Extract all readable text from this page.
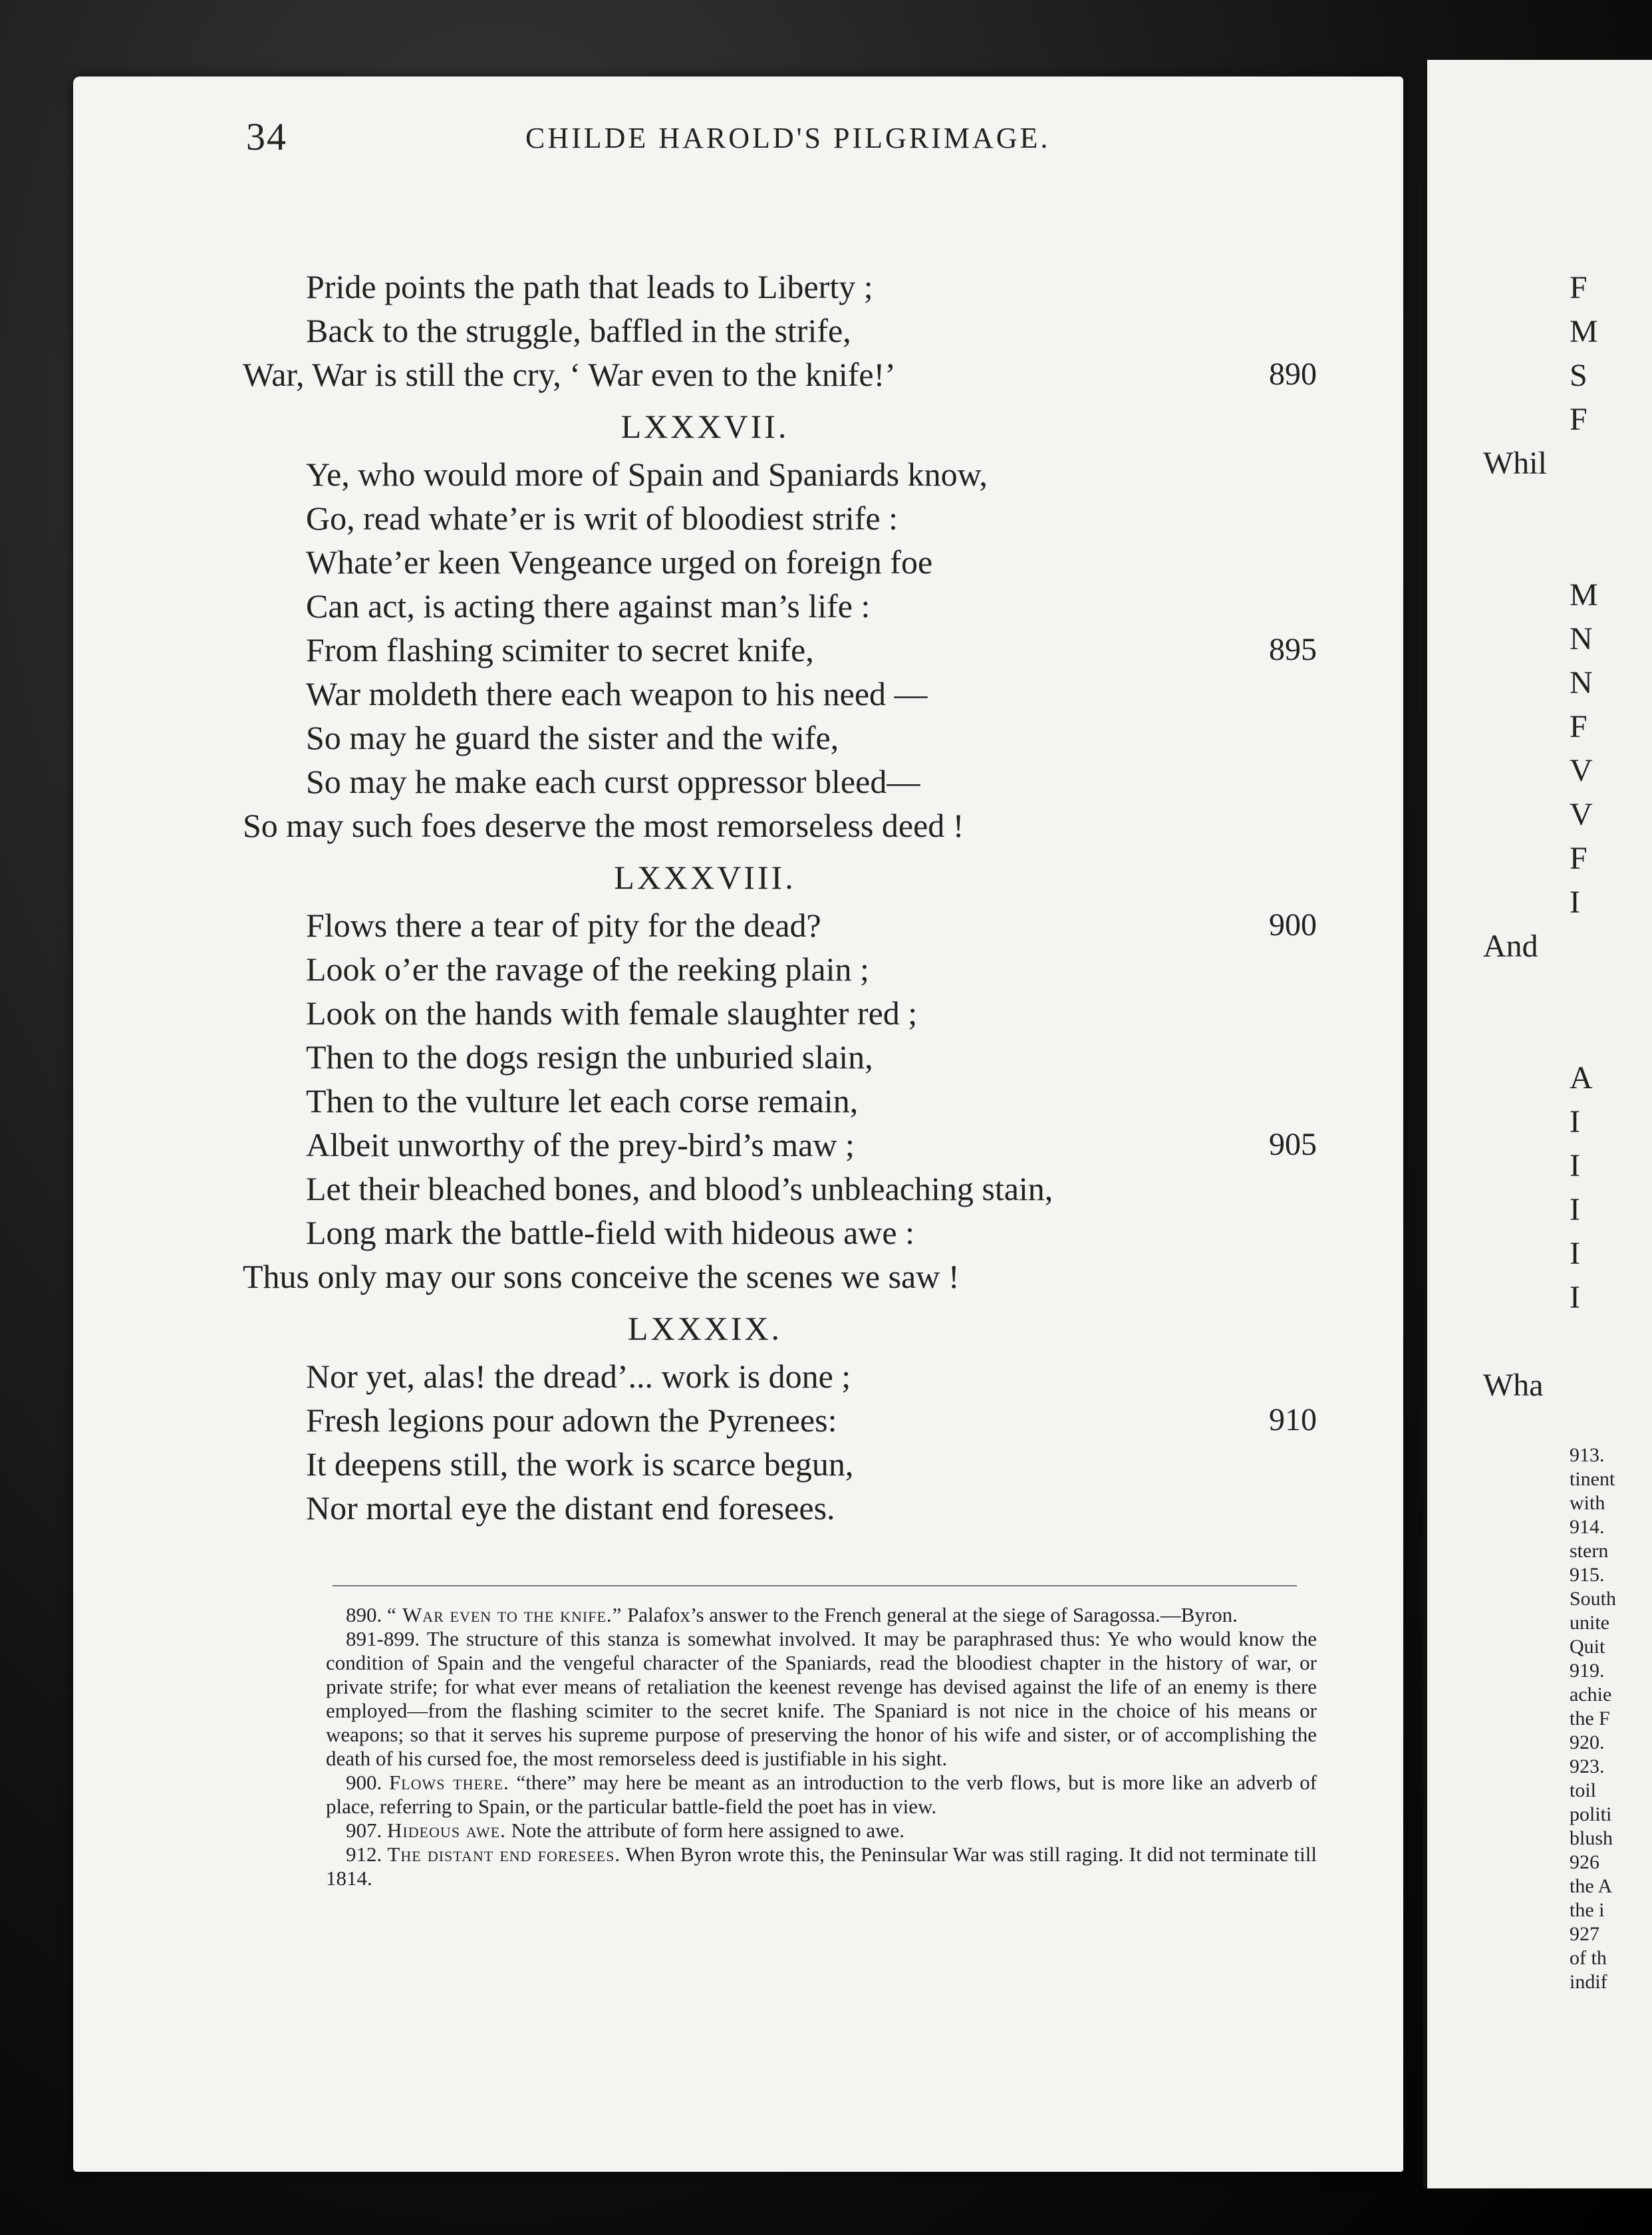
34	CHILDE HAROLD'S PILGRIMAGE.
Pride points the path that leads to Liberty ;
Back to the struggle, baffled in the strife,
War, War is still the cry, ‘ War even to the knife!’	890
LXXXVII.
Ye, who would more of Spain and Spaniards know,
Go, read whate’er is writ of bloodiest strife :
Whate’er keen Vengeance urged on foreign foe
Can act, is acting there against man’s life :
From flashing scimiter to secret knife,	895
War moldeth there each weapon to his need —
So may he guard the sister and the wife,
So may he make each curst oppressor bleed—
So may such foes deserve the most remorseless deed !
LXXXVIII.
Flows there a tear of pity for the dead?	900
Look o’er the ravage of the reeking plain ;
Look on the hands with female slaughter red ;
Then to the dogs resign the unburied slain,
Then to the vulture let each corse remain,
Albeit unworthy of the prey-bird’s maw ;	905
Let their bleached bones, and blood’s unbleaching stain,
Long mark the battle-field with hideous awe :
Thus only may our sons conceive the scenes we saw !
LXXXIX.
Nor yet, alas! the dread’... work is done ;
Fresh legions pour adown the Pyrenees:	910
It deepens still, the work is scarce begun,
Nor mortal eye the distant end foresees.

890. “ War even to the knife.” Palafox’s answer to the French general at the siege of Saragossa.—Byron.

891-899. The structure of this stanza is somewhat involved. It may be paraphrased thus: Ye who would know the condition of Spain and the vengeful character of the Spaniards, read the bloodiest chapter in the history of war, or private strife; for what ever means of retaliation the keenest revenge has devised against the life of an enemy is there employed—from the flashing scimiter to the secret knife. The Spaniard is not nice in the choice of his means or weapons; so that it serves his supreme purpose of preserving the honor of his wife and sister, or of accomplishing the death of his cursed foe, the most remorseless deed is justifiable in his sight.

900. Flows there. “there” may here be meant as an introduction to the verb flows, but is more like an adverb of place, referring to Spain, or the particular battle-field the poet has in view.

907. Hideous awe. Note the attribute of form here assigned to awe.

912. The distant end foresees. When Byron wrote this, the Peninsular War was still raging. It did not terminate till 1814.

F
M
S
F
Whil
M
N
N
F
V
V
F
I
And
A
I
I
I
I
I
Wha
913.
tinent
with
914.
stern
915.
South
unite
Quit
919.
achie
the F
920.
923.
toil
politi
blush
926
the A
the i
927
of th
indif
